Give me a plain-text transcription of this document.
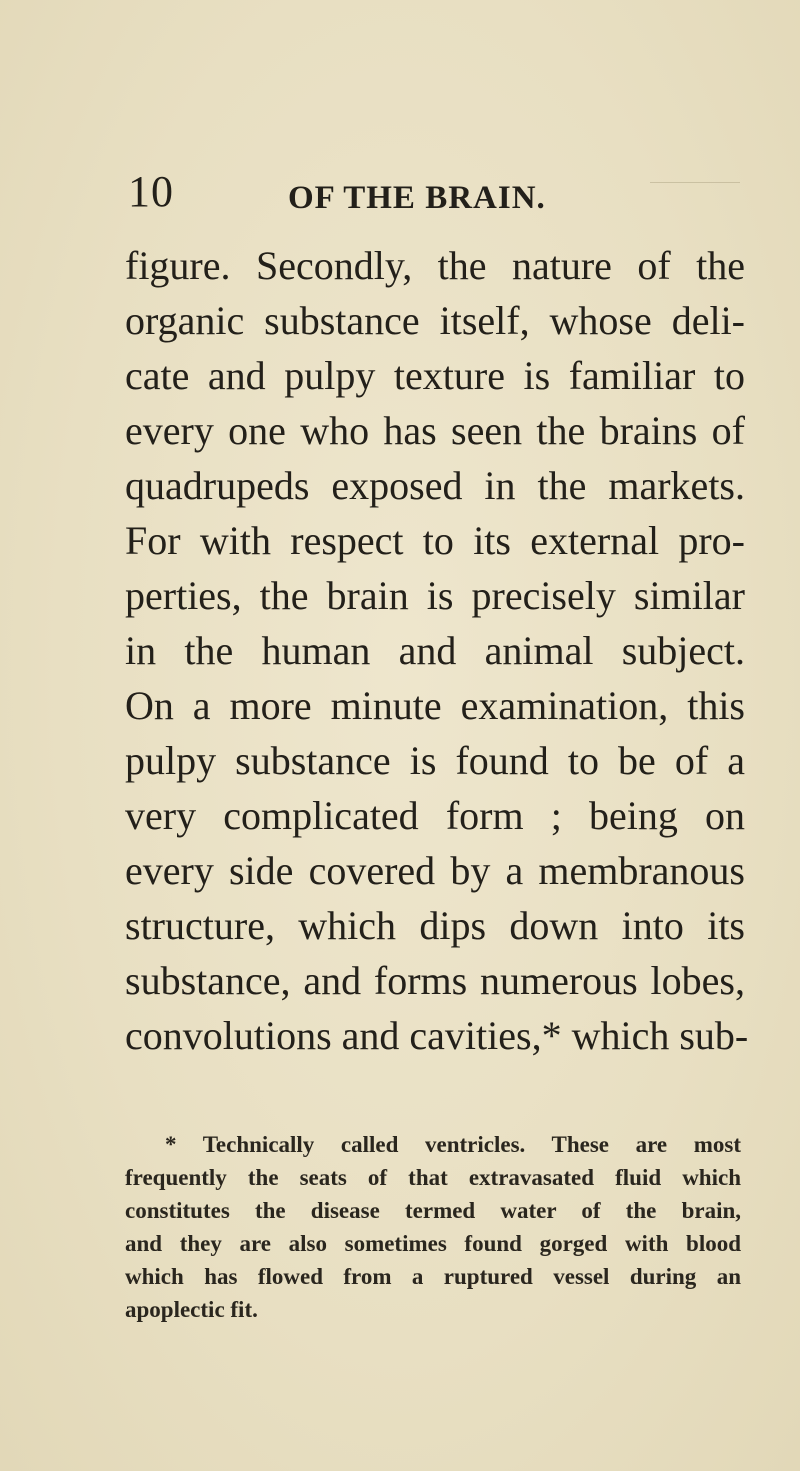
10	OF THE BRAIN.
figure. Secondly, the nature of the
organic substance itself, whose deli-
cate and pulpy texture is familiar to
every one who has seen the brains of
quadrupeds exposed in the markets.
For with respect to its external pro-
perties, the brain is precisely similar
in the human and animal subject.
On a more minute examination, this
pulpy substance is found to be of a
very complicated form ; being on
every side covered by a membranous
structure, which dips down into its
substance, and forms numerous lobes,
convolutions and cavities,* which sub-
* Technically called ventricles. These are most
frequently the seats of that extravasated fluid which
constitutes the disease termed water of the brain,
and they are also sometimes found gorged with blood
which has flowed from a ruptured vessel during an
apoplectic fit.
